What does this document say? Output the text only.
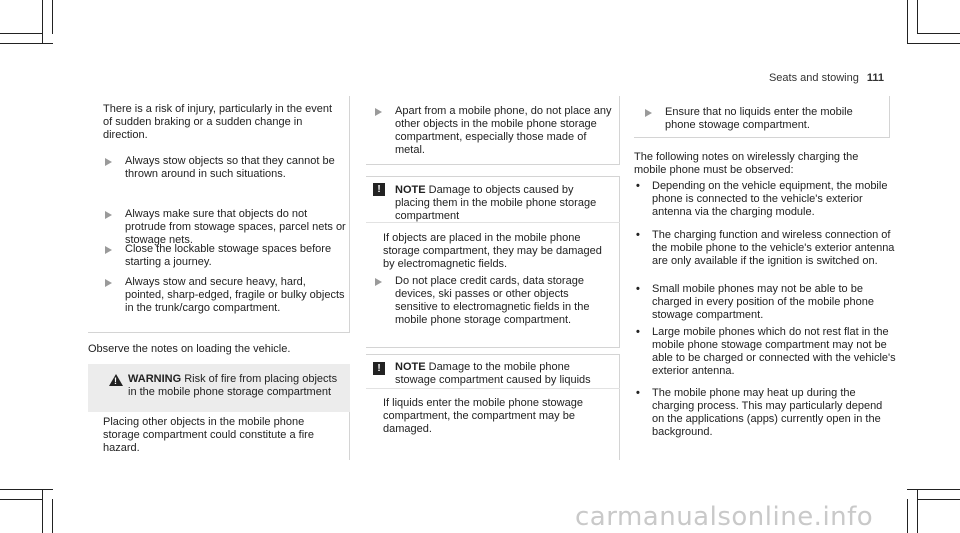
Seats and stowing 111

There is a risk of injury, particularly in the event of sudden braking or a sudden change in direction.

Always stow objects so that they cannot be thrown around in such situations.
Always make sure that objects do not protrude from stowage spaces, parcel nets or stowage nets.
Close the lockable stowage spaces before starting a journey.
Always stow and secure heavy, hard, pointed, sharp-edged, fragile or bulky objects in the trunk/cargo compartment.

Observe the notes on loading the vehicle.

!
WARNING Risk of fire from placing objects in the mobile phone storage compartment

Placing other objects in the mobile phone storage compartment could constitute a fire hazard.

Apart from a mobile phone, do not place any other objects in the mobile phone storage compartment, especially those made of metal.
!	NOTE Damage to objects caused by placing them in the mobile phone storage compartment

If objects are placed in the mobile phone storage compartment, they may be damaged by electromagnetic fields.

Do not place credit cards, data storage devices, ski passes or other objects sensitive to electromagnetic fields in the mobile phone storage compartment.
!	NOTE Damage to the mobile phone stowage compartment caused by liquids

If liquids enter the mobile phone stowage compartment, the compartment may be damaged.

Ensure that no liquids enter the mobile phone stowage compartment.

The following notes on wirelessly charging the mobile phone must be observed:

• Depending on the vehicle equipment, the mobile phone is connected to the vehicle's exterior antenna via the charging module.
• The charging function and wireless connection of the mobile phone to the vehicle's exterior antenna are only available if the ignition is switched on.
• Small mobile phones may not be able to be charged in every position of the mobile phone stowage compartment.
• Large mobile phones which do not rest flat in the mobile phone stowage compartment may not be able to be charged or connected with the vehicle's exterior antenna.
• The mobile phone may heat up during the charging process. This may particularly depend on the applications (apps) currently open in the background.
carmanualsonline.info
